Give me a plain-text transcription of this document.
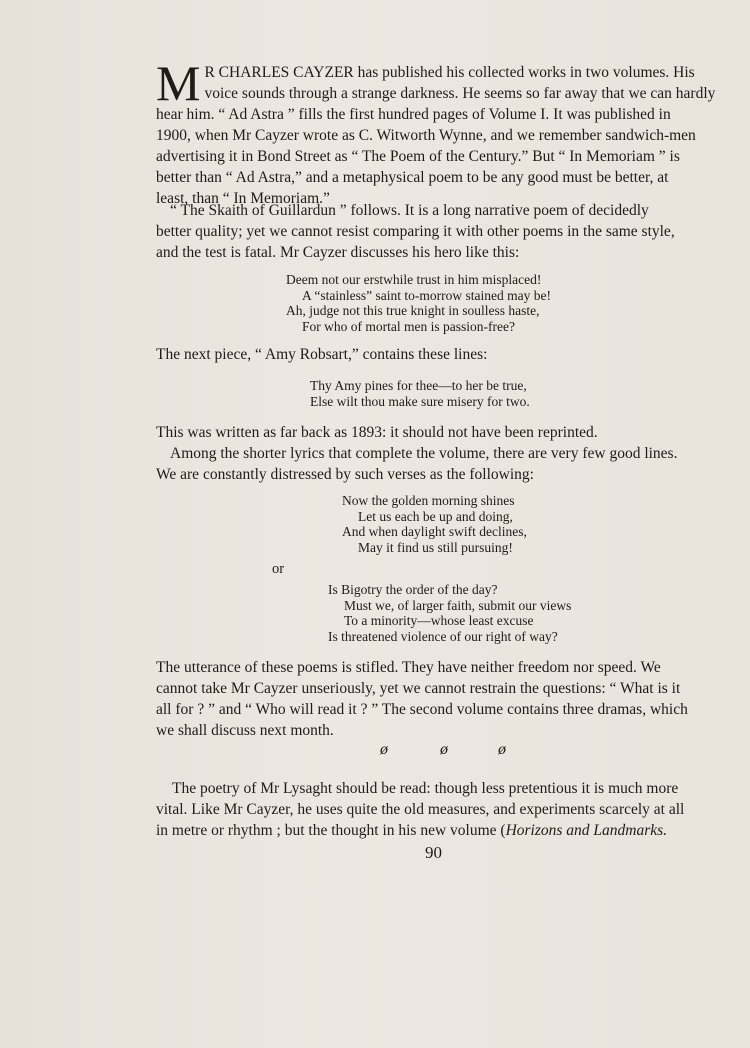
M R CHARLES CAYZER has published his collected works in two volumes. His
voice sounds through a strange darkness. He seems so far away that we can hardly
hear him. “ Ad Astra ” fills the first hundred pages of Volume I. It was published in
1900, when Mr Cayzer wrote as C. Witworth Wynne, and we remember sandwich-men
advertising it in Bond Street as “ The Poem of the Century.” But “ In Memoriam ” is
better than “ Ad Astra,” and a metaphysical poem to be any good must be better, at
least, than “ In Memoriam.”
“ The Skaith of Guillardun ” follows. It is a long narrative poem of decidedly
better quality; yet we cannot resist comparing it with other poems in the same style,
and the test is fatal. Mr Cayzer discusses his hero like this:
Deem not our erstwhile trust in him misplaced!
A “stainless” saint to-morrow stained may be!
Ah, judge not this true knight in soulless haste,
For who of mortal men is passion-free?
The next piece, “ Amy Robsart,” contains these lines:
Thy Amy pines for thee—to her be true,
Else wilt thou make sure misery for two.
This was written as far back as 1893: it should not have been reprinted.
Among the shorter lyrics that complete the volume, there are very few good lines.
We are constantly distressed by such verses as the following:
Now the golden morning shines
Let us each be up and doing,
And when daylight swift declines,
May it find us still pursuing!
or
Is Bigotry the order of the day?
Must we, of larger faith, submit our views
To a minority—whose least excuse
Is threatened violence of our right of way?
The utterance of these poems is stifled. They have neither freedom nor speed. We
cannot take Mr Cayzer unseriously, yet we cannot restrain the questions: “ What is it
all for ? ” and “ Who will read it ? ” The second volume contains three dramas, which
we shall discuss next month.
ø	ø	ø
The poetry of Mr Lysaght should be read: though less pretentious it is much more
vital. Like Mr Cayzer, he uses quite the old measures, and experiments scarcely at all
in metre or rhythm ; but the thought in his new volume (Horizons and Landmarks.
90
